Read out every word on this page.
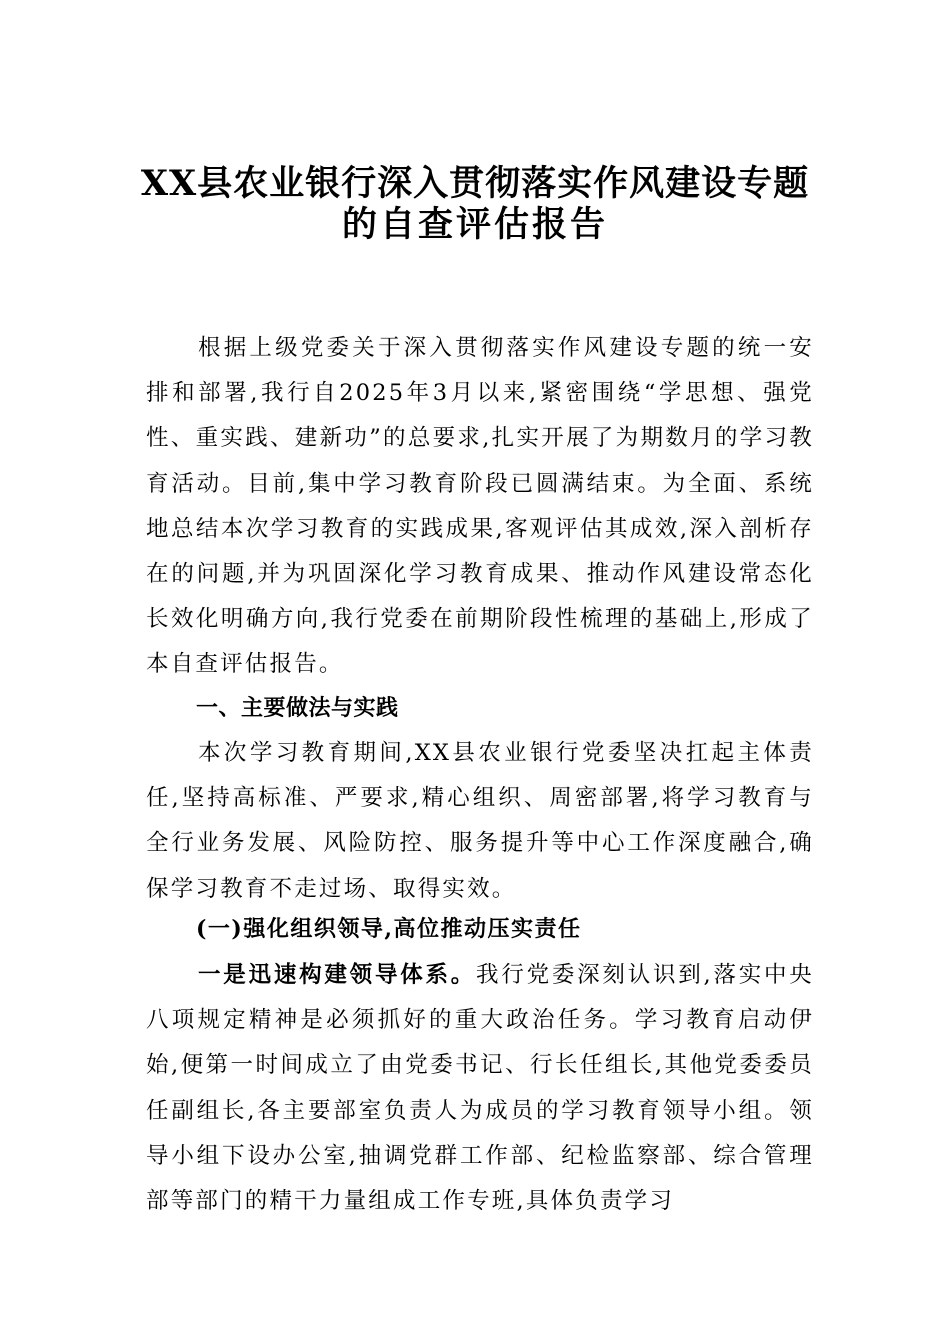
XX县农业银行深入贯彻落实作风建设专题
的自查评估报告

根据上级党委关于深入贯彻落实作风建设专题的统一安排和部署,我行自2025年3月以来,紧密围绕“学思想、强党性、重实践、建新功”的总要求,扎实开展了为期数月的学习教育活动。目前,集中学习教育阶段已圆满结束。为全面、系统地总结本次学习教育的实践成果,客观评估其成效,深入剖析存在的问题,并为巩固深化学习教育成果、推动作风建设常态化长效化明确方向,我行党委在前期阶段性梳理的基础上,形成了本自查评估报告。

一、主要做法与实践

本次学习教育期间,XX县农业银行党委坚决扛起主体责任,坚持高标准、严要求,精心组织、周密部署,将学习教育与全行业务发展、风险防控、服务提升等中心工作深度融合,确保学习教育不走过场、取得实效。

(一)强化组织领导,高位推动压实责任

一是迅速构建领导体系。我行党委深刻认识到,落实中央八项规定精神是必须抓好的重大政治任务。学习教育启动伊始,便第一时间成立了由党委书记、行长任组长,其他党委委员任副组长,各主要部室负责人为成员的学习教育领导小组。领导小组下设办公室,抽调党群工作部、纪检监察部、综合管理部等部门的精干力量组成工作专班,具体负责学习
